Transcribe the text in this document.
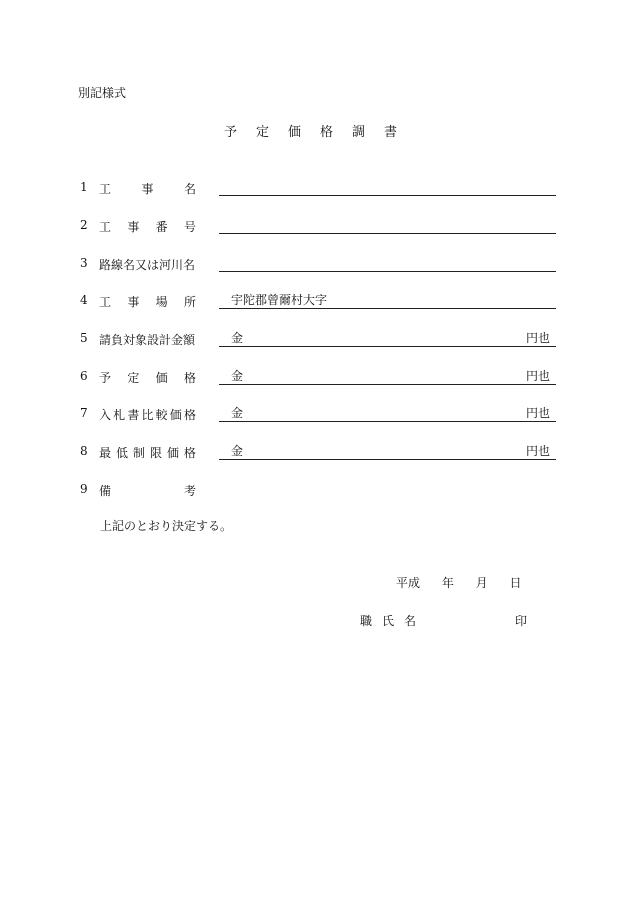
別記様式
予定価格調書
1 工	事	名
2 工 事 番 号
3 路線名又は河川名
4 工 事 場 所	宇陀郡曾爾村大字
5 請負対象設計金額	金	円也
6 予 定 価 格	金	円也
7 入 札 書 比 較 価 格	金	円也
8 最 低 制 限 価 格	金	円也
9 備	考
上記のとおり決定する。
平成 年 月 日
職 氏 名	印
